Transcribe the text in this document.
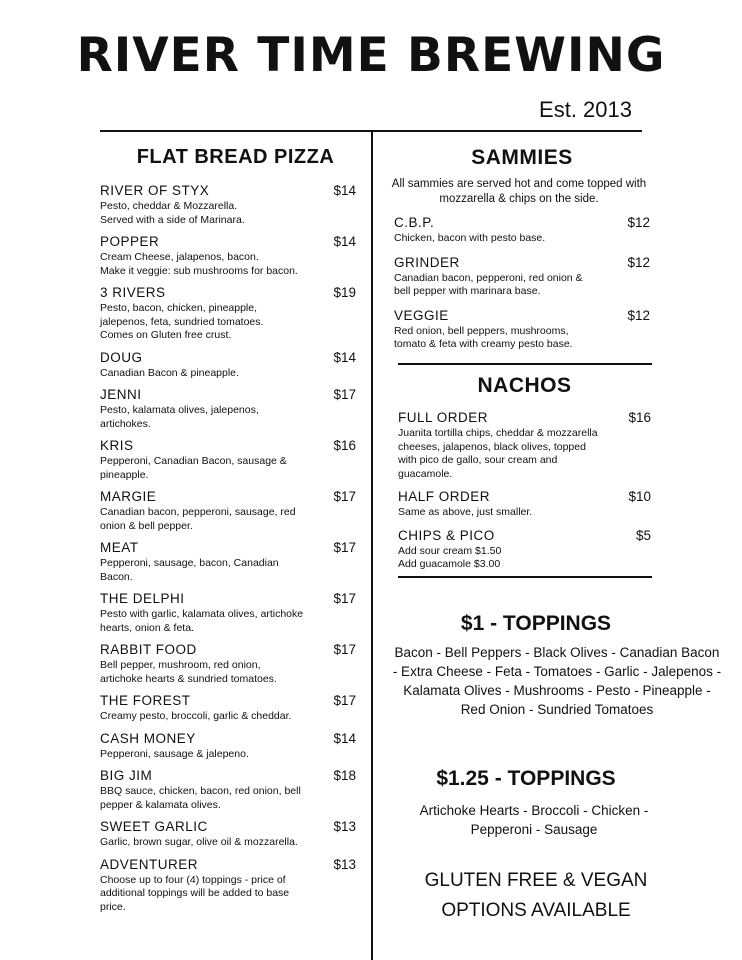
RIVER TIME BREWING
Est. 2013
FLAT BREAD PIZZA
RIVER OF STYX	$14
Pesto, cheddar & Mozzarella.
Served with a side of Marinara.
POPPER	$14
Cream Cheese, jalapenos, bacon.
Make it veggie: sub mushrooms for bacon.
3 RIVERS	$19
Pesto, bacon, chicken, pineapple, jalepenos, feta, sundried tomatoes.
Comes on Gluten free crust.
DOUG	$14
Canadian Bacon & pineapple.
JENNI	$17
Pesto, kalamata olives, jalepenos, artichokes.
KRIS	$16
Pepperoni, Canadian Bacon, sausage & pineapple.
MARGIE	$17
Canadian bacon, pepperoni, sausage, red onion & bell pepper.
MEAT	$17
Pepperoni, sausage, bacon, Canadian Bacon.
THE DELPHI	$17
Pesto with garlic, kalamata olives, artichoke hearts, onion & feta.
RABBIT FOOD	$17
Bell pepper, mushroom, red onion, artichoke hearts & sundried tomatoes.
THE FOREST	$17
Creamy pesto, broccoli, garlic & cheddar.
CASH MONEY	$14
Pepperoni, sausage & jalepeno.
BIG JIM	$18
BBQ sauce, chicken, bacon, red onion, bell pepper & kalamata olives.
SWEET GARLIC	$13
Garlic, brown sugar, olive oil & mozzarella.
ADVENTURER	$13
Choose up to four (4) toppings - price of additional toppings will be added to base price.
SAMMIES
All sammies are served hot and come topped with mozzarella & chips on the side.
C.B.P.	$12
Chicken, bacon with pesto base.
GRINDER	$12
Canadian bacon, pepperoni, red onion & bell pepper with marinara base.
VEGGIE	$12
Red onion, bell peppers, mushrooms, tomato & feta with creamy pesto base.
NACHOS
FULL ORDER	$16
Juanita tortilla chips, cheddar & mozzarella cheeses, jalapenos, black olives, topped with pico de gallo, sour cream and guacamole.
HALF ORDER	$10
Same as above, just smaller.
CHIPS & PICO	$5
Add sour cream $1.50
Add guacamole $3.00
$1 - TOPPINGS
Bacon - Bell Peppers - Black Olives - Canadian Bacon - Extra Cheese - Feta - Tomatoes - Garlic - Jalepenos - Kalamata Olives - Mushrooms - Pesto - Pineapple - Red Onion - Sundried Tomatoes
$1.25 - TOPPINGS
Artichoke Hearts - Broccoli - Chicken - Pepperoni - Sausage
GLUTEN FREE & VEGAN OPTIONS AVAILABLE
